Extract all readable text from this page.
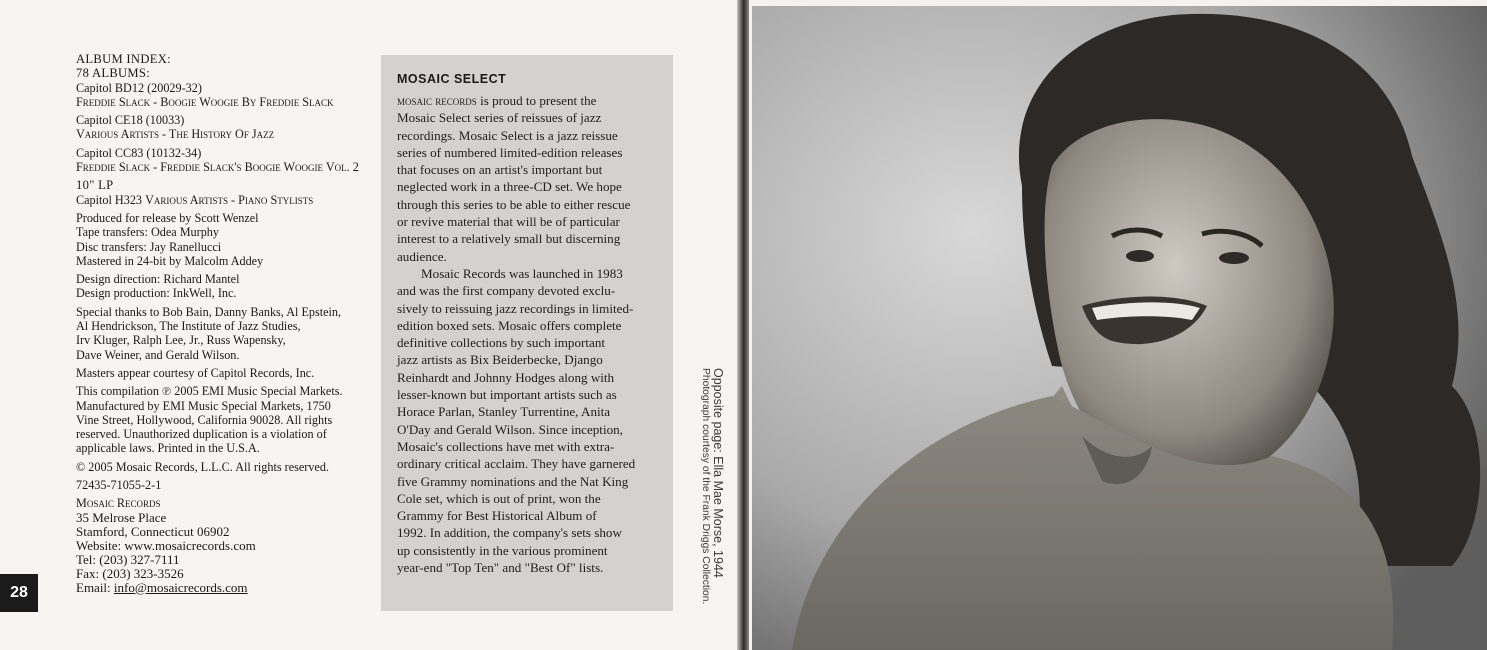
ALBUM INDEX:
78 ALBUMS:
Capitol BD12 (20029-32)
Freddie Slack - Boogie Woogie By Freddie Slack
Capitol CE18 (10033)
Various Artists - The History Of Jazz
Capitol CC83 (10132-34)
Freddie Slack - Freddie Slack's Boogie Woogie Vol. 2
10" LP
Capitol H323 Various Artists - Piano Stylists
Produced for release by Scott Wenzel
Tape transfers: Odea Murphy
Disc transfers: Jay Ranellucci
Mastered in 24-bit by Malcolm Addey
Design direction: Richard Mantel
Design production: InkWell, Inc.
Special thanks to Bob Bain, Danny Banks, Al Epstein,
Al Hendrickson, The Institute of Jazz Studies,
Irv Kluger, Ralph Lee, Jr., Russ Wapensky,
Dave Weiner, and Gerald Wilson.
Masters appear courtesy of Capitol Records, Inc.
This compilation ℗ 2005 EMI Music Special Markets.
Manufactured by EMI Music Special Markets, 1750
Vine Street, Hollywood, California 90028. All rights
reserved. Unauthorized duplication is a violation of
applicable laws. Printed in the U.S.A.
© 2005 Mosaic Records, L.L.C. All rights reserved.
72435-71055-2-1
Mosaic Records
35 Melrose Place
Stamford, Connecticut 06902
Website: www.mosaicrecords.com
Tel: (203) 327-7111
Fax: (203) 323-3526
Email: info@mosaicrecords.com
28
MOSAIC SELECT
mosaic records is proud to present the
Mosaic Select series of reissues of jazz
recordings. Mosaic Select is a jazz reissue
series of numbered limited-edition releases
that focuses on an artist's important but
neglected work in a three-CD set. We hope
through this series to be able to either rescue
or revive material that will be of particular
interest to a relatively small but discerning
audience.
Mosaic Records was launched in 1983
and was the first company devoted exclu-
sively to reissuing jazz recordings in limited-
edition boxed sets. Mosaic offers complete
definitive collections by such important
jazz artists as Bix Beiderbecke, Django
Reinhardt and Johnny Hodges along with
lesser-known but important artists such as
Horace Parlan, Stanley Turrentine, Anita
O'Day and Gerald Wilson. Since inception,
Mosaic's collections have met with extra-
ordinary critical acclaim. They have garnered
five Grammy nominations and the Nat King
Cole set, which is out of print, won the
Grammy for Best Historical Album of
1992. In addition, the company's sets show
up consistently in the various prominent
year-end "Top Ten" and "Best Of" lists.	Opposite page: Ella Mae Morse, 1944
Photograph courtesy of the Frank Driggs Collection.
